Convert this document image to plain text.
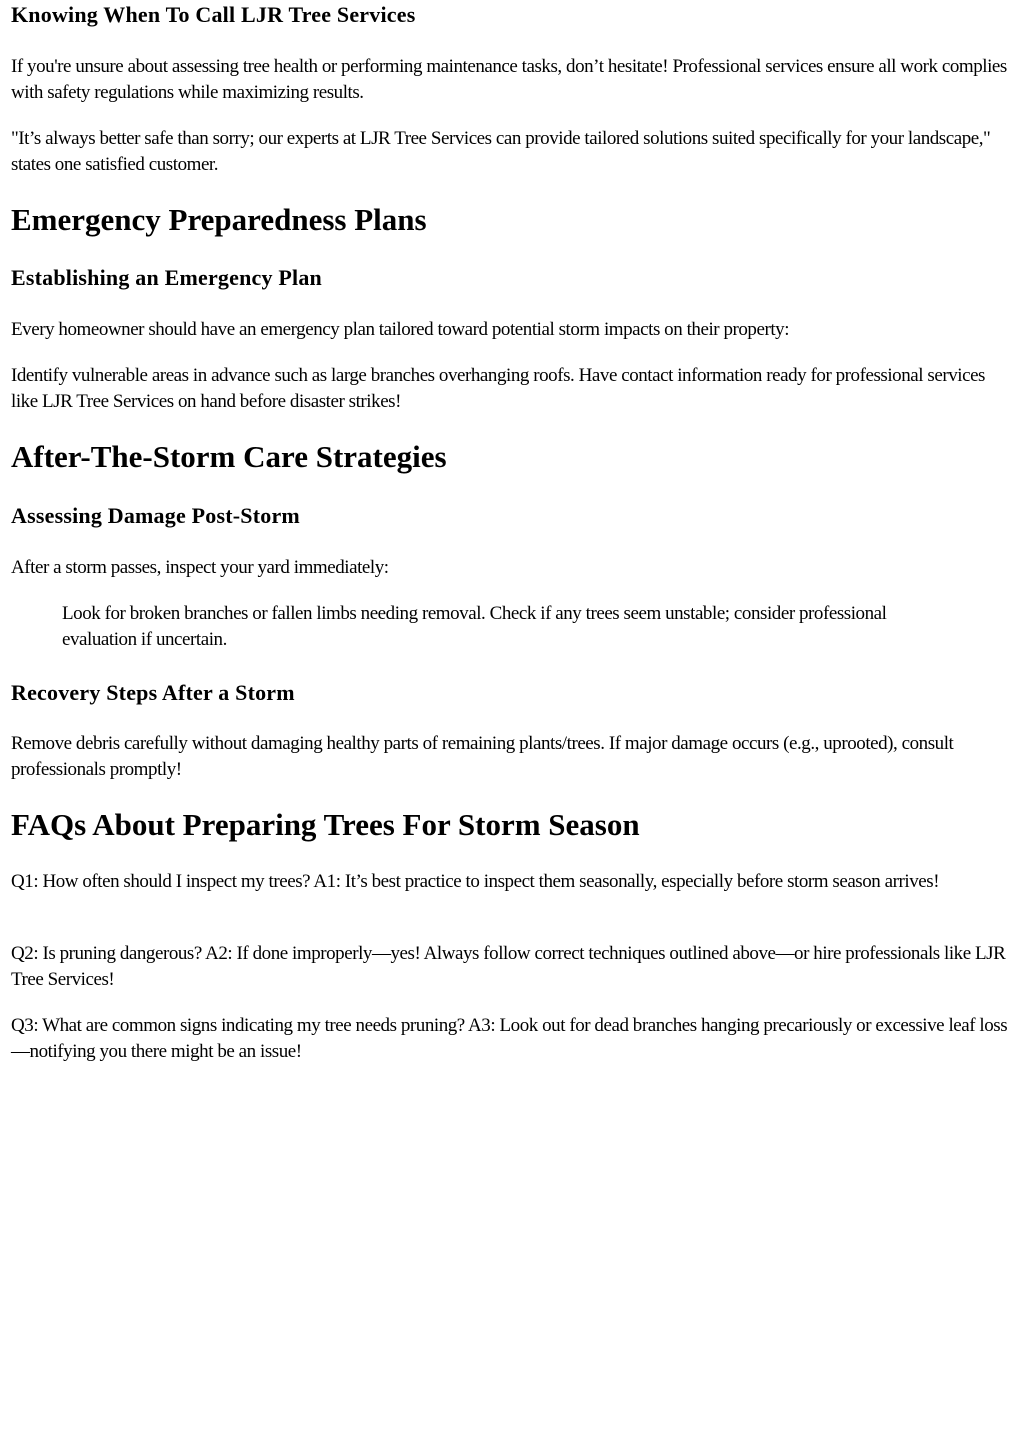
Knowing When To Call LJR Tree Services

If you're unsure about assessing tree health or performing maintenance tasks, don’t hesitate! Professional services ensure all work complies with safety regulations while maximizing results.

"It’s always better safe than sorry; our experts at LJR Tree Services can provide tailored solutions suited specifically for your landscape," states one satisfied customer.

Emergency Preparedness Plans
Establishing an Emergency Plan

Every homeowner should have an emergency plan tailored toward potential storm impacts on their property:

Identify vulnerable areas in advance such as large branches overhanging roofs. Have contact information ready for professional services like LJR Tree Services on hand before disaster strikes!

After-The-Storm Care Strategies
Assessing Damage Post-Storm

After a storm passes, inspect your yard immediately:

Look for broken branches or fallen limbs needing removal. Check if any trees seem unstable; consider professional evaluation if uncertain.
Recovery Steps After a Storm

Remove debris carefully without damaging healthy parts of remaining plants/trees. If major damage occurs (e.g., uprooted), consult professionals promptly!

FAQs About Preparing Trees For Storm Season

Q1: How often should I inspect my trees? A1: It’s best practice to inspect them seasonally, especially before storm season arrives!

Q2: Is pruning dangerous? A2: If done improperly—yes! Always follow correct techniques outlined above—or hire professionals like LJR Tree Services!

Q3: What are common signs indicating my tree needs pruning? A3: Look out for dead branches hanging precariously or excessive leaf loss—notifying you there might be an issue!
